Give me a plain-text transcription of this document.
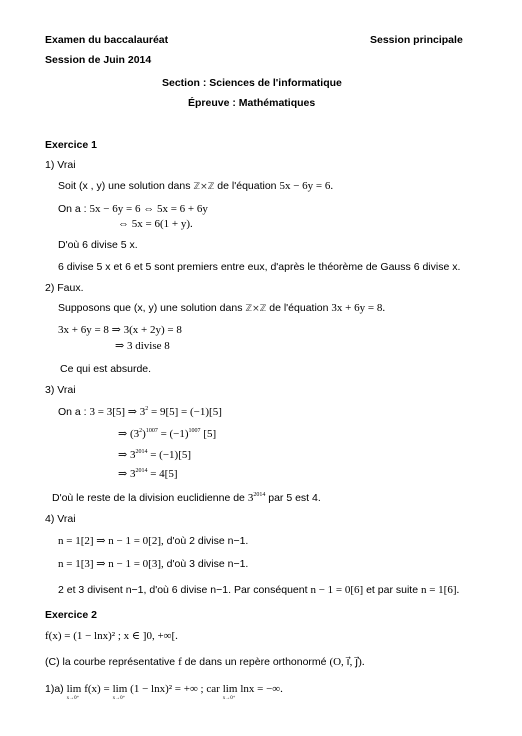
Examen du baccalauréat	Session principale
Session de Juin 2014
Section : Sciences de l'informatique
Épreuve : Mathématiques
Exercice 1
1) Vrai
Soit (x , y) une solution dans ℤ×ℤ de l'équation 5x − 6y = 6.
On a : 5x − 6y = 6 ⇔ 5x = 6 + 6y
⇔ 5x = 6(1 + y).
D'où 6 divise 5 x.
6 divise 5 x et 6 et 5 sont premiers entre eux, d'après le théorème de Gauss 6 divise x.
2) Faux.
Supposons que (x, y) une solution dans ℤ×ℤ de l'équation 3x + 6y = 8.
3x + 6y = 8 ⇒ 3(x + 2y) = 8
⇒ 3 divise 8
Ce qui est absurde.
3) Vrai
On a : 3 = 3[5] ⇒ $3^2 = 9[5] = (-1)[5]$
⇒ $(3^2)^{1007} = (-1)^{1007}$ [5]
⇒ $3^{2014} = (-1)[5]$
⇒ $3^{2014} = 4[5]$
D'où le reste de la division euclidienne de $3^{2014}$ par 5 est 4.
4) Vrai
n = 1[2] ⇒ n − 1 = 0[2], d'où 2 divise n−1.
n = 1[3] ⇒ n − 1 = 0[3], d'où 3 divise n−1.
2 et 3 divisent n−1, d'où 6 divise n−1. Par conséquent n − 1 = 0[6] et par suite n = 1[6].
Exercice 2
f(x) = (1 − lnx)² ; x ∈ ]0, +∞[.
(C) la courbe représentative f de dans un repère orthonormé (O, i⃗, j⃗).
1)a) lim
x→0⁺
f(x) = lim
x→0⁺
(1 − lnx)² = +∞ ; car lim
x→0⁺
lnx = −∞.
